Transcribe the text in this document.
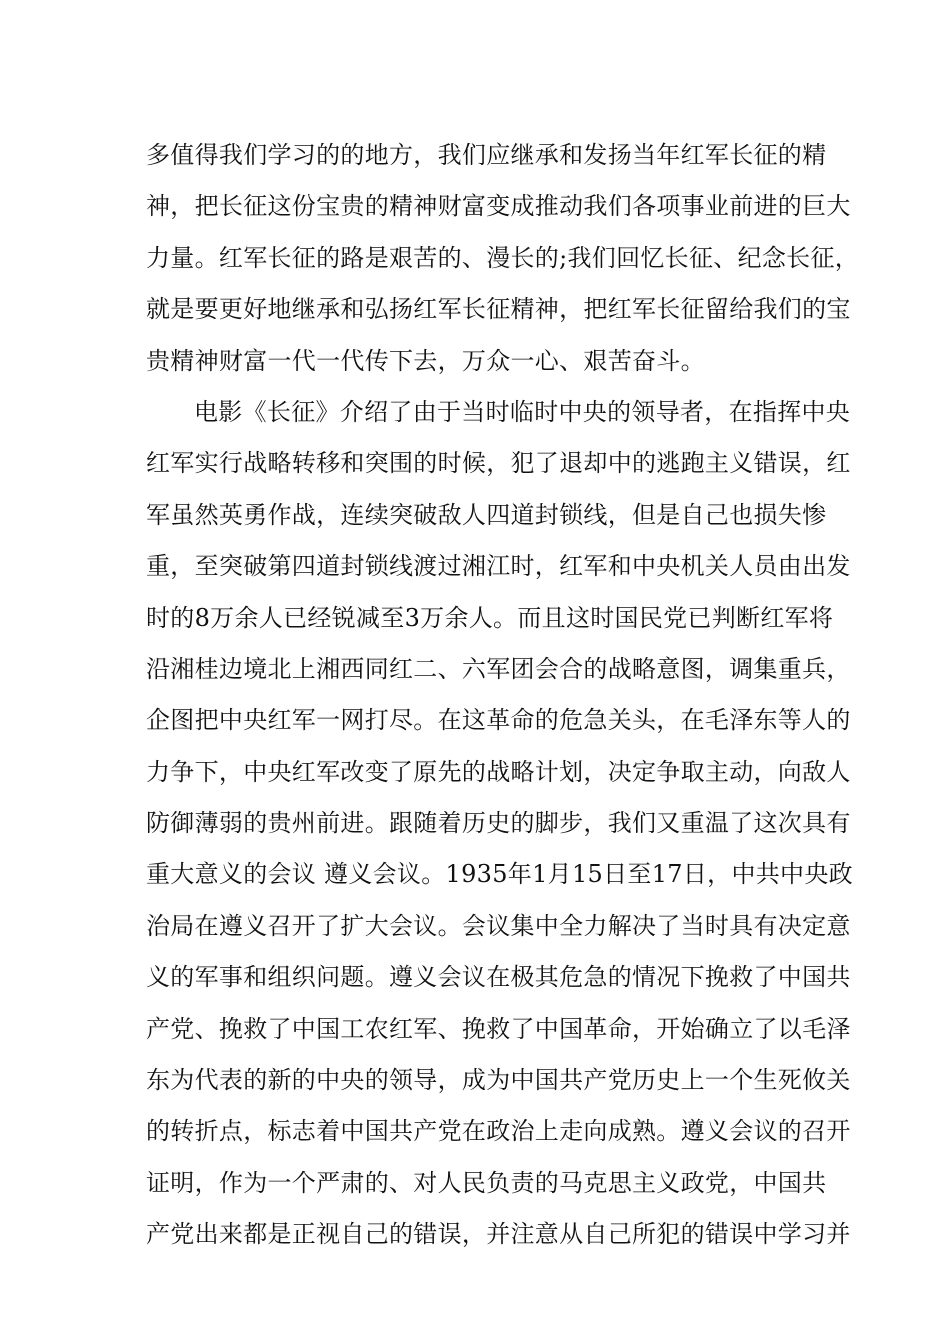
多值得我们学习的的地方，我们应继承和发扬当年红军长征的精
神，把长征这份宝贵的精神财富变成推动我们各项事业前进的巨大
力量。红军长征的路是艰苦的、漫长的;我们回忆长征、纪念长征，
就是要更好地继承和弘扬红军长征精神，把红军长征留给我们的宝
贵精神财富一代一代传下去，万众一心、艰苦奋斗。
电影《长征》介绍了由于当时临时中央的领导者，在指挥中央
红军实行战略转移和突围的时候，犯了退却中的逃跑主义错误，红
军虽然英勇作战，连续突破敌人四道封锁线，但是自己也损失惨
重，至突破第四道封锁线渡过湘江时，红军和中央机关人员由出发
时的8万余人已经锐减至3万余人。而且这时国民党已判断红军将
沿湘桂边境北上湘西同红二、六军团会合的战略意图，调集重兵，
企图把中央红军一网打尽。在这革命的危急关头，在毛泽东等人的
力争下，中央红军改变了原先的战略计划，决定争取主动，向敌人
防御薄弱的贵州前进。跟随着历史的脚步，我们又重温了这次具有
重大意义的会议 遵义会议。1935年1月15日至17日，中共中央政
治局在遵义召开了扩大会议。会议集中全力解决了当时具有决定意
义的军事和组织问题。遵义会议在极其危急的情况下挽救了中国共
产党、挽救了中国工农红军、挽救了中国革命，开始确立了以毛泽
东为代表的新的中央的领导，成为中国共产党历史上一个生死攸关
的转折点，标志着中国共产党在政治上走向成熟。遵义会议的召开
证明，作为一个严肃的、对人民负责的马克思主义政党，中国共
产党出来都是正视自己的错误，并注意从自己所犯的错误中学习并
